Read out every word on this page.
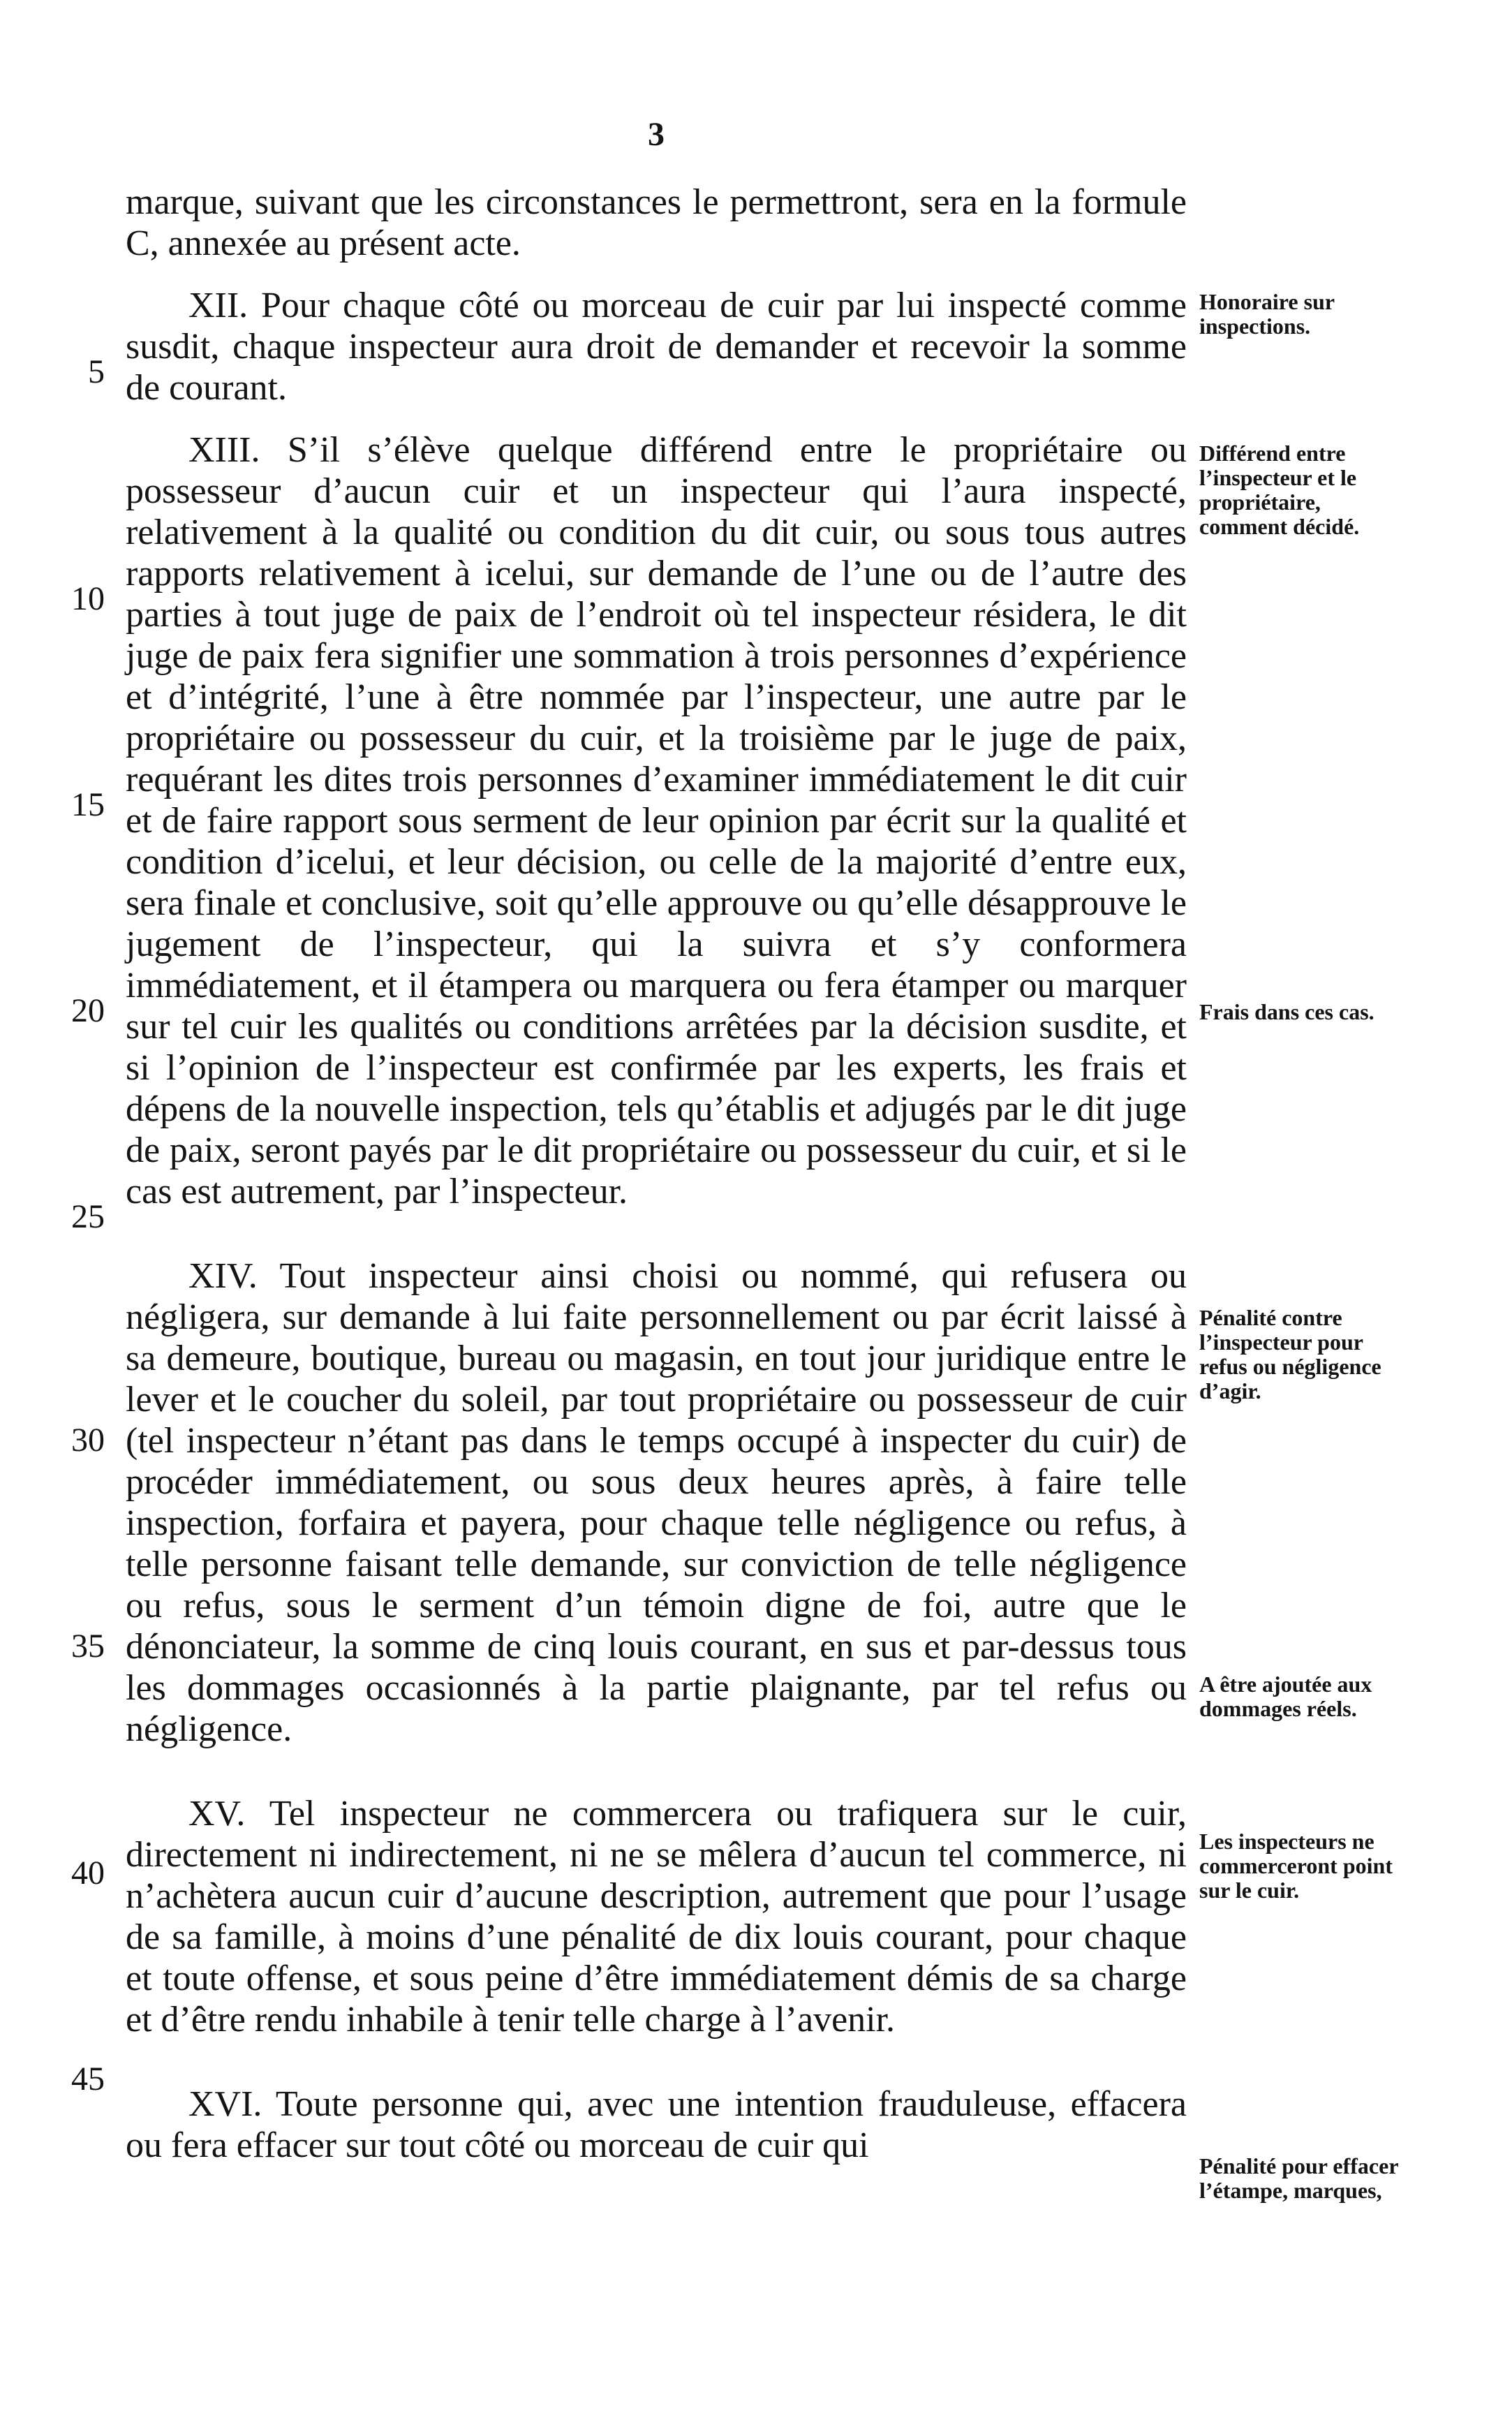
3

marque, suivant que les circonstances le permettront, sera en la formule C, annexée au présent acte.

XII. Pour chaque côté ou morceau de cuir par lui inspecté comme susdit, chaque inspecteur aura droit de demander et recevoir la somme de courant.

XIII. S’il s’élève quelque différend entre le propriétaire ou possesseur d’aucun cuir et un inspecteur qui l’aura inspecté, relativement à la qualité ou condition du dit cuir, ou sous tous autres rapports relativement à icelui, sur demande de l’une ou de l’autre des parties à tout juge de paix de l’endroit où tel inspecteur résidera, le dit juge de paix fera signifier une sommation à trois personnes d’expérience et d’intégrité, l’une à être nommée par l’inspecteur, une autre par le propriétaire ou possesseur du cuir, et la troisième par le juge de paix, requérant les dites trois personnes d’examiner immédiatement le dit cuir et de faire rapport sous serment de leur opinion par écrit sur la qualité et condition d’icelui, et leur décision, ou celle de la majorité d’entre eux, sera finale et conclusive, soit qu’elle approuve ou qu’elle désapprouve le jugement de l’inspecteur, qui la suivra et s’y conformera immédiatement, et il étampera ou marquera ou fera étamper ou marquer sur tel cuir les qualités ou conditions arrêtées par la décision susdite, et si l’opinion de l’inspecteur est confirmée par les experts, les frais et dépens de la nouvelle inspection, tels qu’établis et adjugés par le dit juge de paix, seront payés par le dit propriétaire ou possesseur du cuir, et si le cas est autrement, par l’inspecteur.

XIV. Tout inspecteur ainsi choisi ou nommé, qui refusera ou négligera, sur demande à lui faite personnellement ou par écrit laissé à sa demeure, boutique, bureau ou magasin, en tout jour juridique entre le lever et le coucher du soleil, par tout propriétaire ou possesseur de cuir (tel inspecteur n’étant pas dans le temps occupé à inspecter du cuir) de procéder immédiatement, ou sous deux heures après, à faire telle inspection, forfaira et payera, pour chaque telle négligence ou refus, à telle personne faisant telle demande, sur conviction de telle négligence ou refus, sous le serment d’un témoin digne de foi, autre que le dénonciateur, la somme de cinq louis courant, en sus et par-dessus tous les dommages occasionnés à la partie plaignante, par tel refus ou négligence.

XV. Tel inspecteur ne commercera ou trafiquera sur le cuir, directement ni indirectement, ni ne se mêlera d’aucun tel commerce, ni n’achètera aucun cuir d’aucune description, autrement que pour l’usage de sa famille, à moins d’une pénalité de dix louis courant, pour chaque et toute offense, et sous peine d’être immédiatement démis de sa charge et d’être rendu inhabile à tenir telle charge à l’avenir.

XVI. Toute personne qui, avec une intention frauduleuse, effacera ou fera effacer sur tout côté ou morceau de cuir qui

5
10
15
20
25
30
35
40
45
Honoraire sur inspections.
Différend entre l’inspecteur et le propriétaire, comment décidé.
Frais dans ces cas.
Pénalité contre l’inspecteur pour refus ou négligence d’agir.
A être ajoutée aux dommages réels.
Les inspecteurs ne commerceront point sur le cuir.
Pénalité pour effacer l’étampe, marques,
